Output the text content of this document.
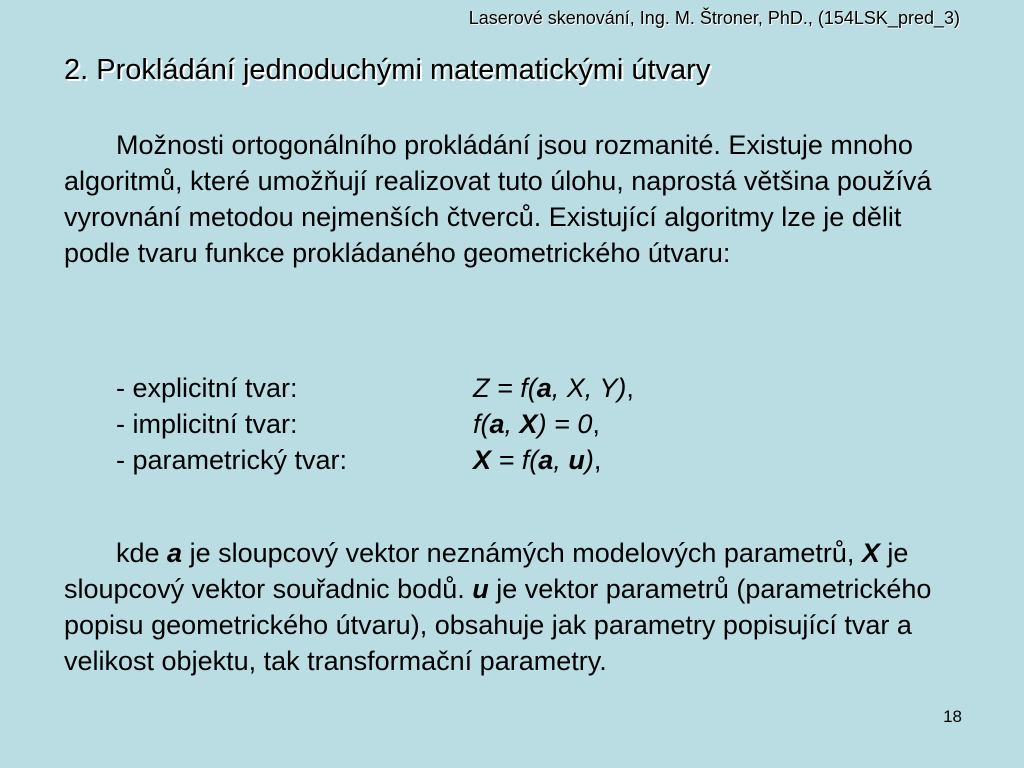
Laserové skenování, Ing. M. Štroner, PhD., (154LSK_pred_3)
2. Prokládání jednoduchými matematickými útvary
Možnosti ortogonálního prokládání jsou rozmanité. Existuje mnoho algoritmů, které umožňují realizovat tuto úlohu, naprostá většina používá vyrovnání metodou nejmenších čtverců. Existující algoritmy lze je dělit podle tvaru funkce prokládaného geometrického útvaru:
- explicitní tvar:	Z = f(a, X, Y),
- implicitní tvar:	f(a, X) = 0,
- parametrický tvar:	X = f(a, u),
kde a je sloupcový vektor neznámých modelových parametrů, X je sloupcový vektor souřadnic bodů. u je vektor parametrů (parametrického popisu geometrického útvaru), obsahuje jak parametry popisující tvar a velikost objektu, tak transformační parametry.
18
